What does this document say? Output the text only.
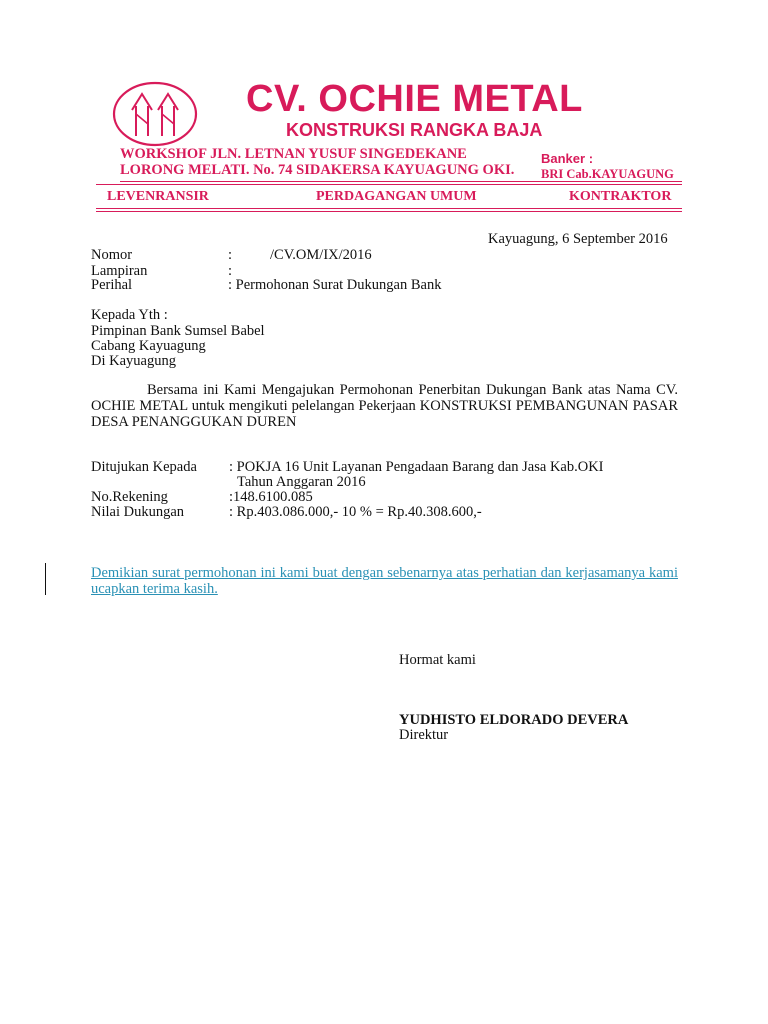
CV. OCHIE METAL
KONSTRUKSI RANGKA BAJA
WORKSHOF JLN. LETNAN YUSUF SINGEDEKANE
LORONG MELATI. No. 74 SIDAKERSA KAYUAGUNG OKI.
Banker :
BRI Cab.KAYUAGUNG
LEVENRANSIR	PERDAGANGAN UMUM	KONTRAKTOR
Kayuagung, 6 September 2016
Nomor	:	/CV.OM/IX/2016
Lampiran	:
Perihal	: Permohonan Surat Dukungan Bank
Kepada Yth :
Pimpinan Bank Sumsel Babel
Cabang Kayuagung
Di Kayuagung
Bersama ini Kami Mengajukan Permohonan Penerbitan Dukungan Bank atas Nama CV. OCHIE METAL untuk mengikuti pelelangan Pekerjaan KONSTRUKSI PEMBANGUNAN PASAR DESA PENANGGUKAN DUREN
Ditujukan Kepada : POKJA 16 Unit Layanan Pengadaan Barang dan Jasa Kab.OKI
Tahun Anggaran 2016
No.Rekening	:148.6100.085
Nilai Dukungan	: Rp.403.086.000,- 10 % = Rp.40.308.600,-
Demikian surat permohonan ini kami buat dengan sebenarnya atas perhatian dan kerjasamanya kami ucapkan terima kasih.
Hormat kami
YUDHISTO ELDORADO DEVERA
Direktur
